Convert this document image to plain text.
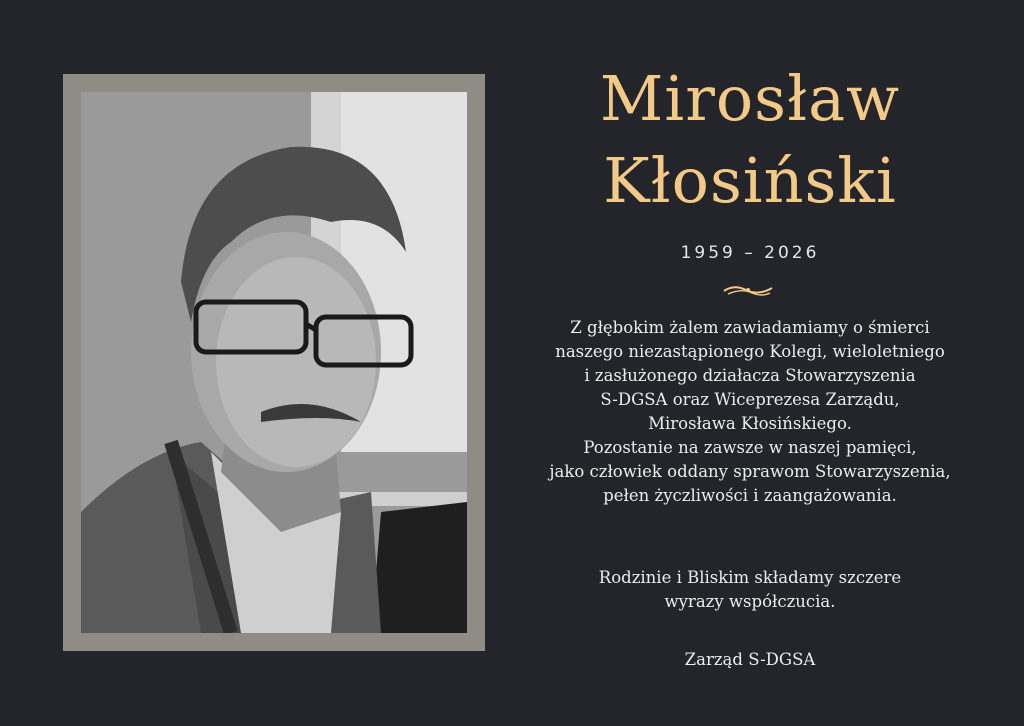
Mirosław
Kłosiński
1959 – 2026
Z głębokim żalem zawiadamiamy o śmierci
naszego niezastąpionego Kolegi, wieloletniego
i zasłużonego działacza Stowarzyszenia
S-DGSA oraz Wiceprezesa Zarządu,
Mirosława Kłosińskiego.
Pozostanie na zawsze w naszej pamięci,
jako człowiek oddany sprawom Stowarzyszenia,
pełen życzliwości i zaangażowania.
Rodzinie i Bliskim składamy szczere
wyrazy współczucia.
Zarząd S-DGSA
